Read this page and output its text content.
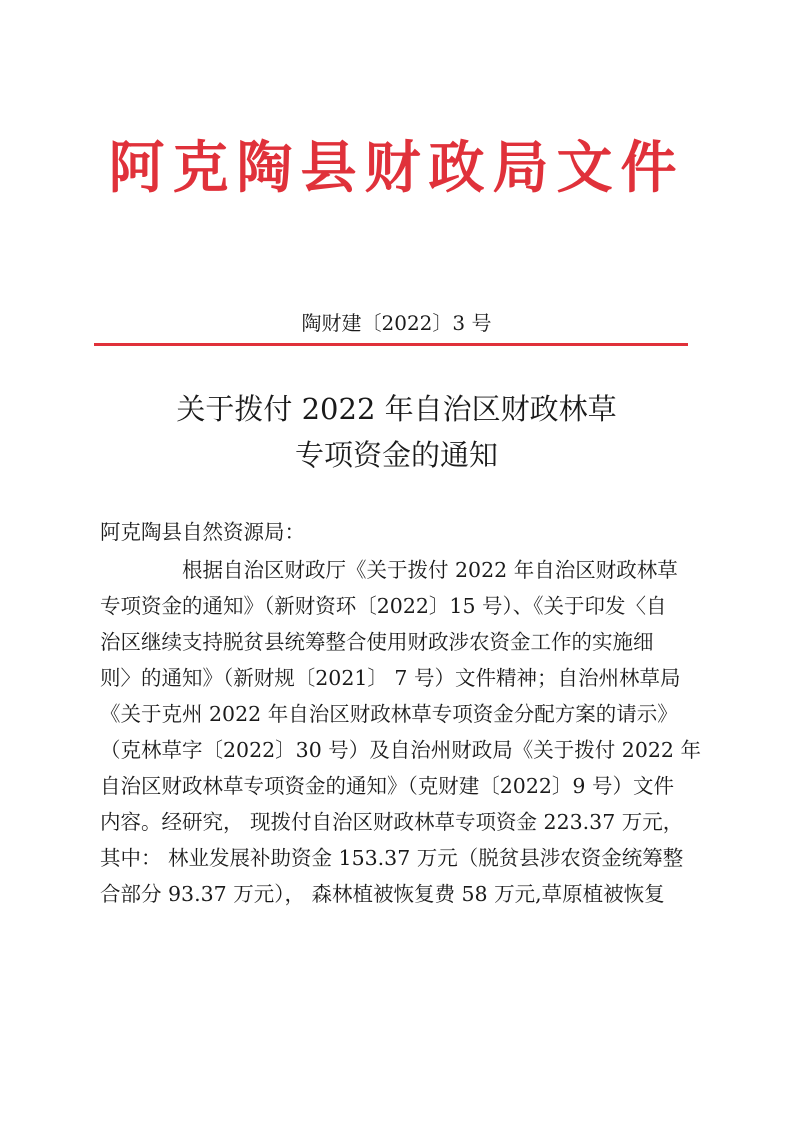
阿克陶县财政局文件
陶财建〔2022〕3 号
关于拨付 2022 年自治区财政林草
专项资金的通知
阿克陶县自然资源局：
　　　　根据自治区财政厅《关于拨付 2022 年自治区财政林草
专项资金的通知》（新财资环〔2022〕15 号）、《关于印发〈自
治区继续支持脱贫县统筹整合使用财政涉农资金工作的实施细
则〉的通知》（新财规〔2021〕 7 号）文件精神；自治州林草局
《关于克州 2022 年自治区财政林草专项资金分配方案的请示》
（克林草字〔2022〕30 号）及自治州财政局《关于拨付 2022 年
自治区财政林草专项资金的通知》（克财建〔2022〕9 号）文件
内容。经研究， 现拨付自治区财政林草专项资金 223.37 万元，
其中： 林业发展补助资金 153.37 万元（脱贫县涉农资金统筹整
合部分 93.37 万元）， 森林植被恢复费 58 万元,草原植被恢复
